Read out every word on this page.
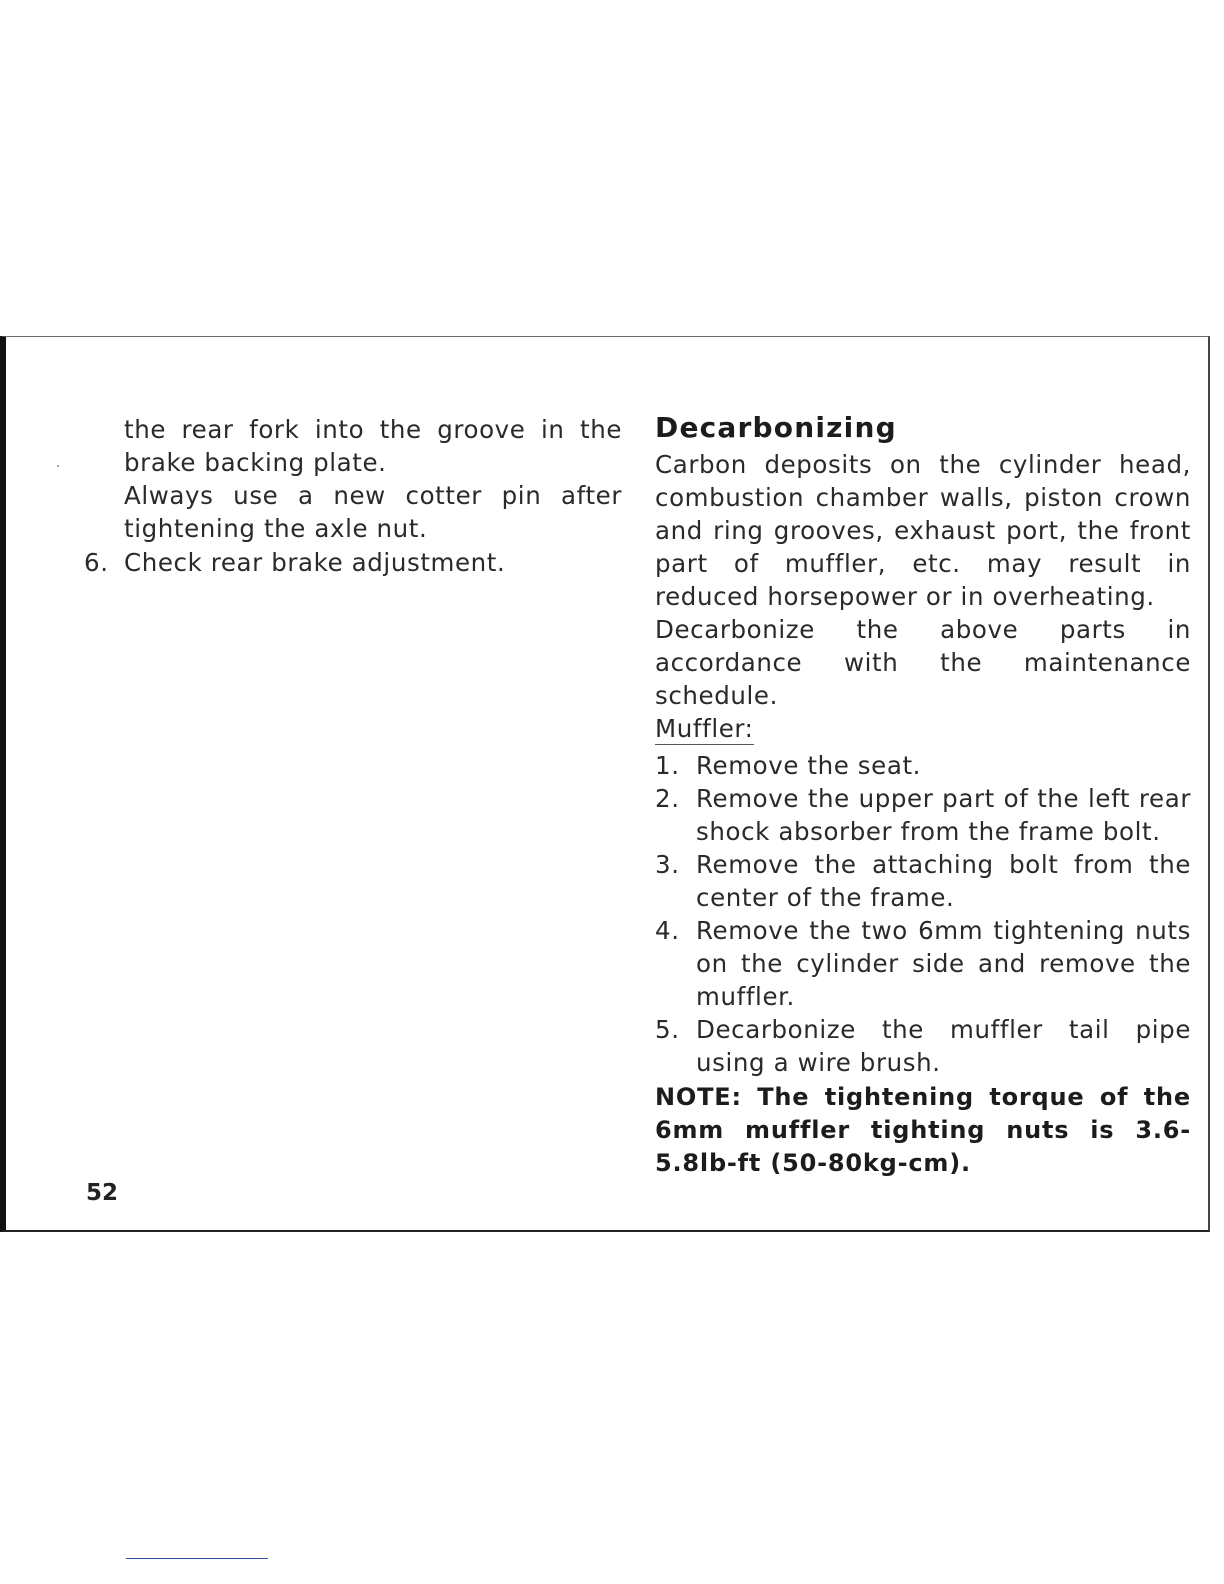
the rear fork into the groove in the

brake backing plate.

Always use a new cotter pin after

tightening the axle nut.

6. Check rear brake adjustment.
Decarbonizing

Carbon deposits on the cylinder head, combustion chamber walls, piston crown and ring grooves, exhaust port, the front part of muffler, etc. may result in reduced horsepower or in overheating.

Decarbonize the above parts in accordance with the maintenance schedule.

Muffler:
1. Remove the seat.
2. Remove the upper part of the left rear shock absorber from the frame bolt.
3. Remove the attaching bolt from the center of the frame.
4. Remove the two 6mm tightening nuts on the cylinder side and remove the muffler.
5. Decarbonize the muffler tail pipe using a wire brush.

NOTE: The tightening torque of the 6mm muffler tighting nuts is 3.6-5.8lb-ft (50-80kg-cm).

52
